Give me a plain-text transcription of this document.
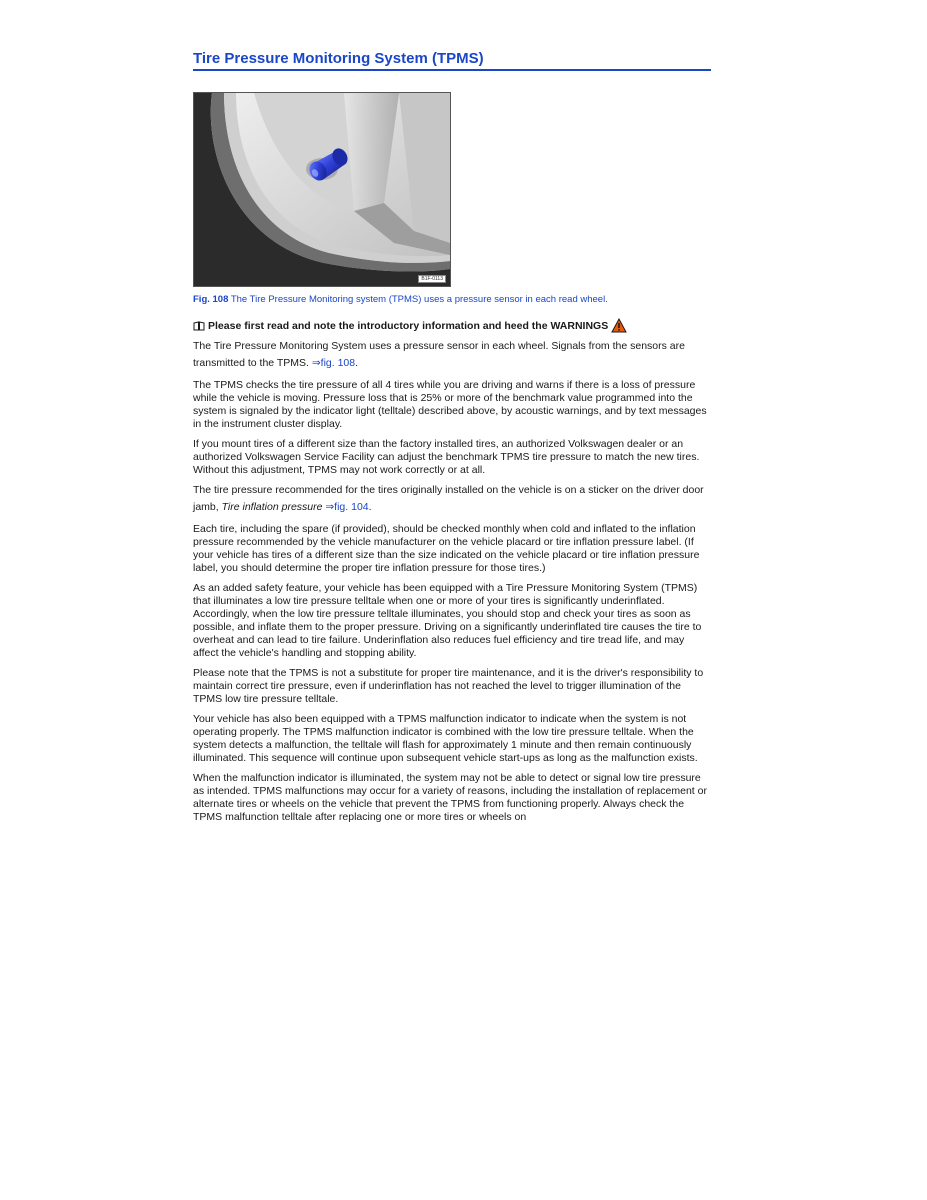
Tire Pressure Monitoring System (TPMS)
B1F-0113
Fig. 108 The Tire Pressure Monitoring system (TPMS) uses a pressure sensor in each read wheel.
Please first read and note the introductory information and heed the WARNINGS

The Tire Pressure Monitoring System uses a pressure sensor in each wheel. Signals from the sensors are transmitted to the TPMS. ⇒fig. 108.

The TPMS checks the tire pressure of all 4 tires while you are driving and warns if there is a loss of pressure while the vehicle is moving. Pressure loss that is 25% or more of the benchmark value programmed into the system is signaled by the indicator light (telltale) described above, by acoustic warnings, and by text messages in the instrument cluster display.

If you mount tires of a different size than the factory installed tires, an authorized Volkswagen dealer or an authorized Volkswagen Service Facility can adjust the benchmark TPMS tire pressure to match the new tires. Without this adjustment, TPMS may not work correctly or at all.

The tire pressure recommended for the tires originally installed on the vehicle is on a sticker on the driver door jamb, Tire inflation pressure ⇒fig. 104.

Each tire, including the spare (if provided), should be checked monthly when cold and inflated to the inflation pressure recommended by the vehicle manufacturer on the vehicle placard or tire inflation pressure label. (If your vehicle has tires of a different size than the size indicated on the vehicle placard or tire inflation pressure label, you should determine the proper tire inflation pressure for those tires.)

As an added safety feature, your vehicle has been equipped with a Tire Pressure Monitoring System (TPMS) that illuminates a low tire pressure telltale when one or more of your tires is significantly underinflated. Accordingly, when the low tire pressure telltale illuminates, you should stop and check your tires as soon as possible, and inflate them to the proper pressure. Driving on a significantly underinflated tire causes the tire to overheat and can lead to tire failure. Underinflation also reduces fuel efficiency and tire tread life, and may affect the vehicle's handling and stopping ability.

Please note that the TPMS is not a substitute for proper tire maintenance, and it is the driver's responsibility to maintain correct tire pressure, even if underinflation has not reached the level to trigger illumination of the TPMS low tire pressure telltale.

Your vehicle has also been equipped with a TPMS malfunction indicator to indicate when the system is not operating properly. The TPMS malfunction indicator is combined with the low tire pressure telltale. When the system detects a malfunction, the telltale will flash for approximately 1 minute and then remain continuously illuminated. This sequence will continue upon subsequent vehicle start-ups as long as the malfunction exists.

When the malfunction indicator is illuminated, the system may not be able to detect or signal low tire pressure as intended. TPMS malfunctions may occur for a variety of reasons, including the installation of replacement or alternate tires or wheels on the vehicle that prevent the TPMS from functioning properly. Always check the TPMS malfunction telltale after replacing one or more tires or wheels on
